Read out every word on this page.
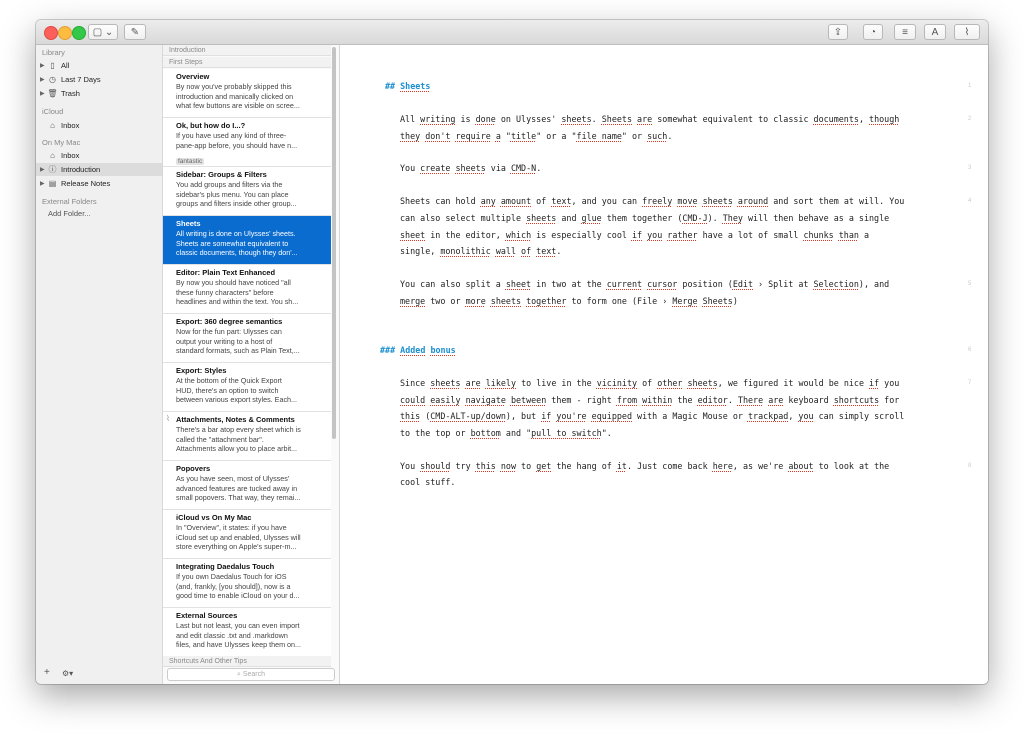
▢ ⌄	✎	⇪	◔	≡	A	⌇
Library
▶ ▯ All
▶ ◷ Last 7 Days
▶ 🗑︎ Trash
iCloud
⌂ Inbox
On My Mac
⌂ Inbox
▶ ⓘ Introduction
▶ ▤ Release Notes
External Folders
Add Folder...
+ ⚙▾
Introduction
First Steps
Overview
By now you've probably skipped this
introduction and manically clicked on
what few buttons are visible on scree...
Ok, but how do I...?
If you have used any kind of three-
pane-app before, you should have n...
fantastic
Sidebar: Groups & Filters
You add groups and filters via the
sidebar's plus menu. You can place
groups and filters inside other group...
Sheets
All writing is done on Ulysses' sheets.
Sheets are somewhat equivalent to
classic documents, though they don'...
Editor: Plain Text Enhanced
By now you should have noticed "all
these funny characters" before
headlines and within the text. You sh...
Export: 360 degree semantics
Now for the fun part: Ulysses can
output your writing to a host of
standard formats, such as Plain Text,...
Export: Styles
At the bottom of the Quick Export
HUD, there's an option to switch
between various export styles. Each...
Attachments, Notes & Comments
There's a bar atop every sheet which is
called the "attachment bar".
Attachments allow you to place arbit...
⌇
Popovers
As you have seen, most of Ulysses'
advanced features are tucked away in
small popovers. That way, they remai...
iCloud vs On My Mac
In "Overview", it states: if you have
iCloud set up and enabled, Ulysses will
store everything on Apple's super-m...
Integrating Daedalus Touch
If you own Daedalus Touch for iOS
(and, frankly, [you should]), now is a
good time to enable iCloud on your d...
External Sources
Last but not least, you can even import
and edit classic .txt and .markdown
files, and have Ulysses keep them on...
Shortcuts And Other Tips
⌕ Search
## Sheets	1
All writing is done on Ulysses' sheets. Sheets are somewhat equivalent to classic documents, though	2
they don't require a "title" or a "file name" or such.
You create sheets via CMD-N.	3
Sheets can hold any amount of text, and you can freely move sheets around and sort them at will. You	4
can also select multiple sheets and glue them together (CMD-J). They will then behave as a single
sheet in the editor, which is especially cool if you rather have a lot of small chunks than a
single, monolithic wall of text.
You can also split a sheet in two at the current cursor position (Edit › Split at Selection), and	5
merge two or more sheets together to form one (File › Merge Sheets)
### Added bonus	6
Since sheets are likely to live in the vicinity of other sheets, we figured it would be nice if you	7
could easily navigate between them - right from within the editor. There are keyboard shortcuts for
this (CMD-ALT-up/down), but if you're equipped with a Magic Mouse or trackpad, you can simply scroll
to the top or bottom and "pull to switch".
You should try this now to get the hang of it. Just come back here, as we're about to look at the	8
cool stuff.
